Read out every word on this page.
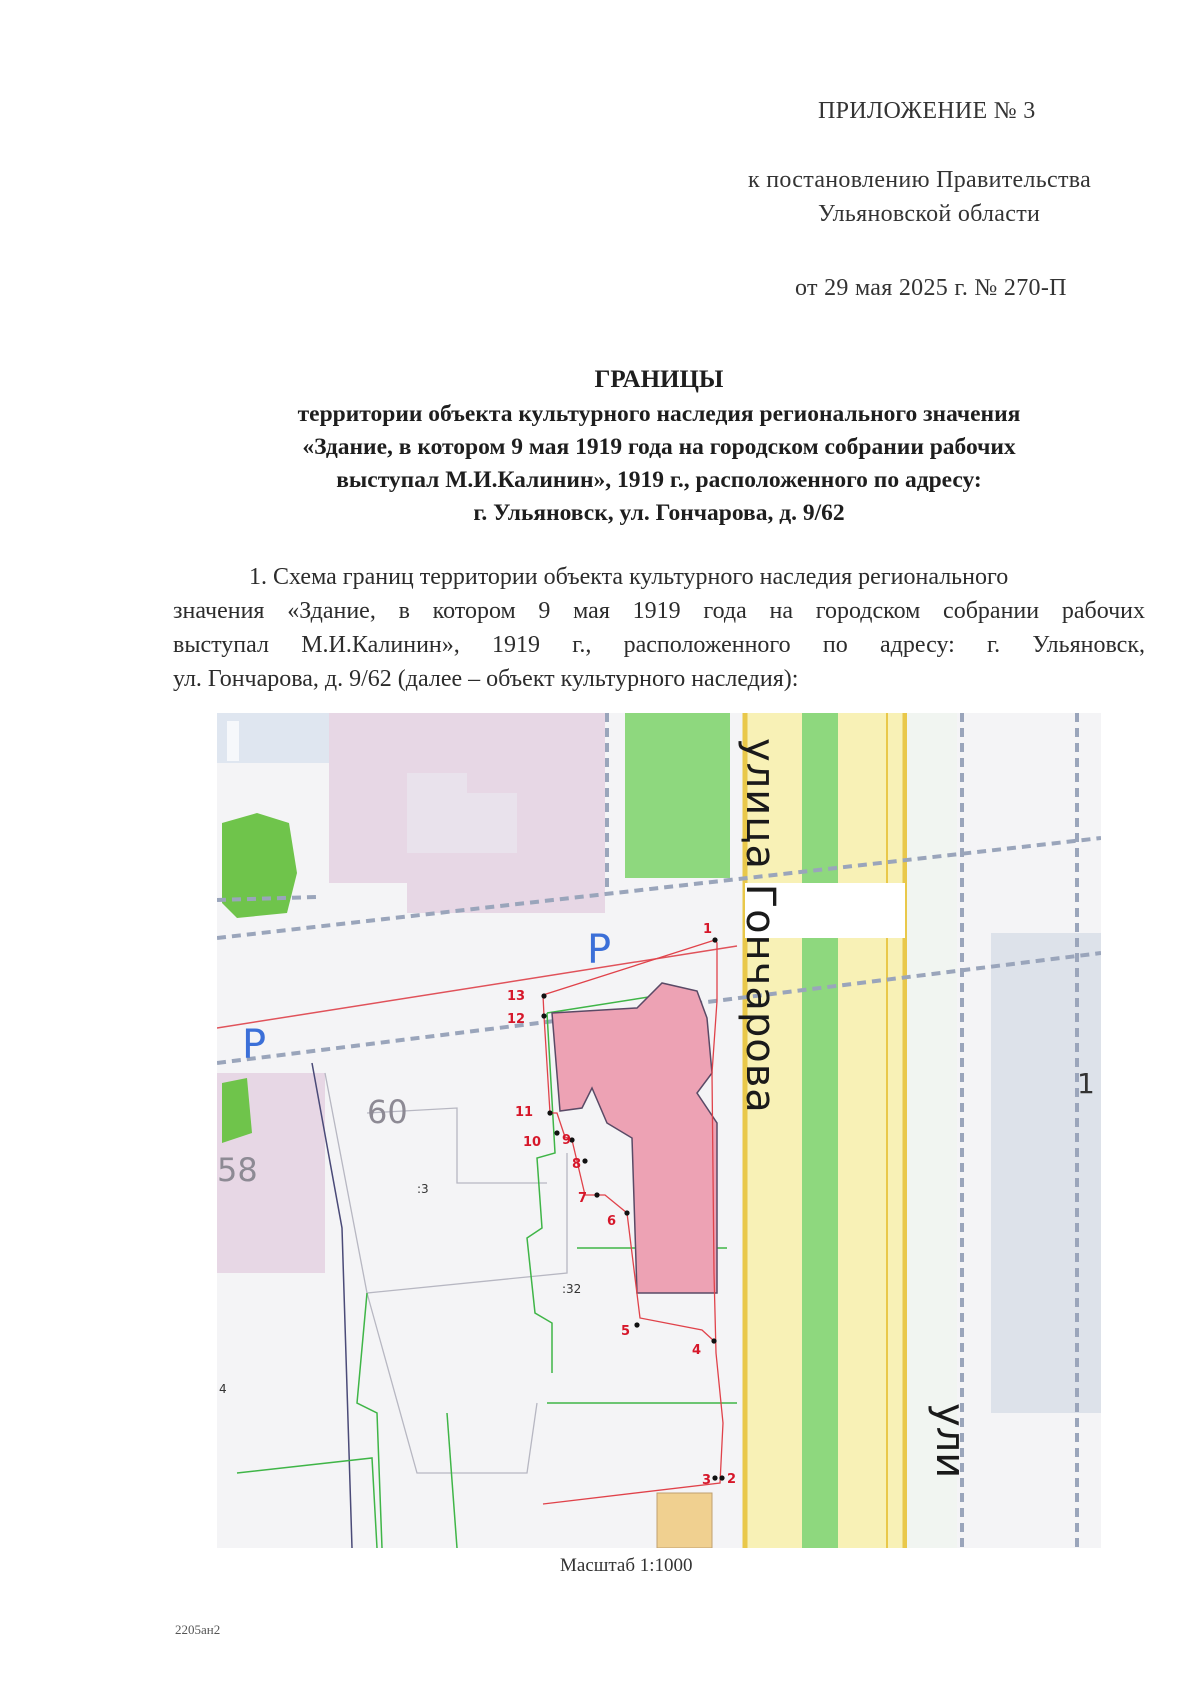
ПРИЛОЖЕНИЕ № 3
к постановлению Правительства
Ульяновской области
от 29 мая 2025 г. № 270-П
ГРАНИЦЫ
территории объекта культурного наследия регионального значения
«Здание, в котором 9 мая 1919 года на городском собрании рабочих
выступал М.И.Калинин», 1919 г., расположенного по адресу:
г. Ульяновск, ул. Гончарова, д. 9/62
1. Схема границ территории объекта культурного наследия регионального
значения «Здание, в котором 9 мая 1919 года на городском собрании рабочих
выступал М.И.Калинин», 1919 г., расположенного по адресу: г. Ульяновск,
ул. Гончарова, д. 9/62 (далее – объект культурного наследия):
1
2
3
4
5
6
7
8
9
10
11
12
13
P
P
60
58	:3
:32
4
1
улица Гончарова
ули
Масштаб 1:1000
2205ан2
